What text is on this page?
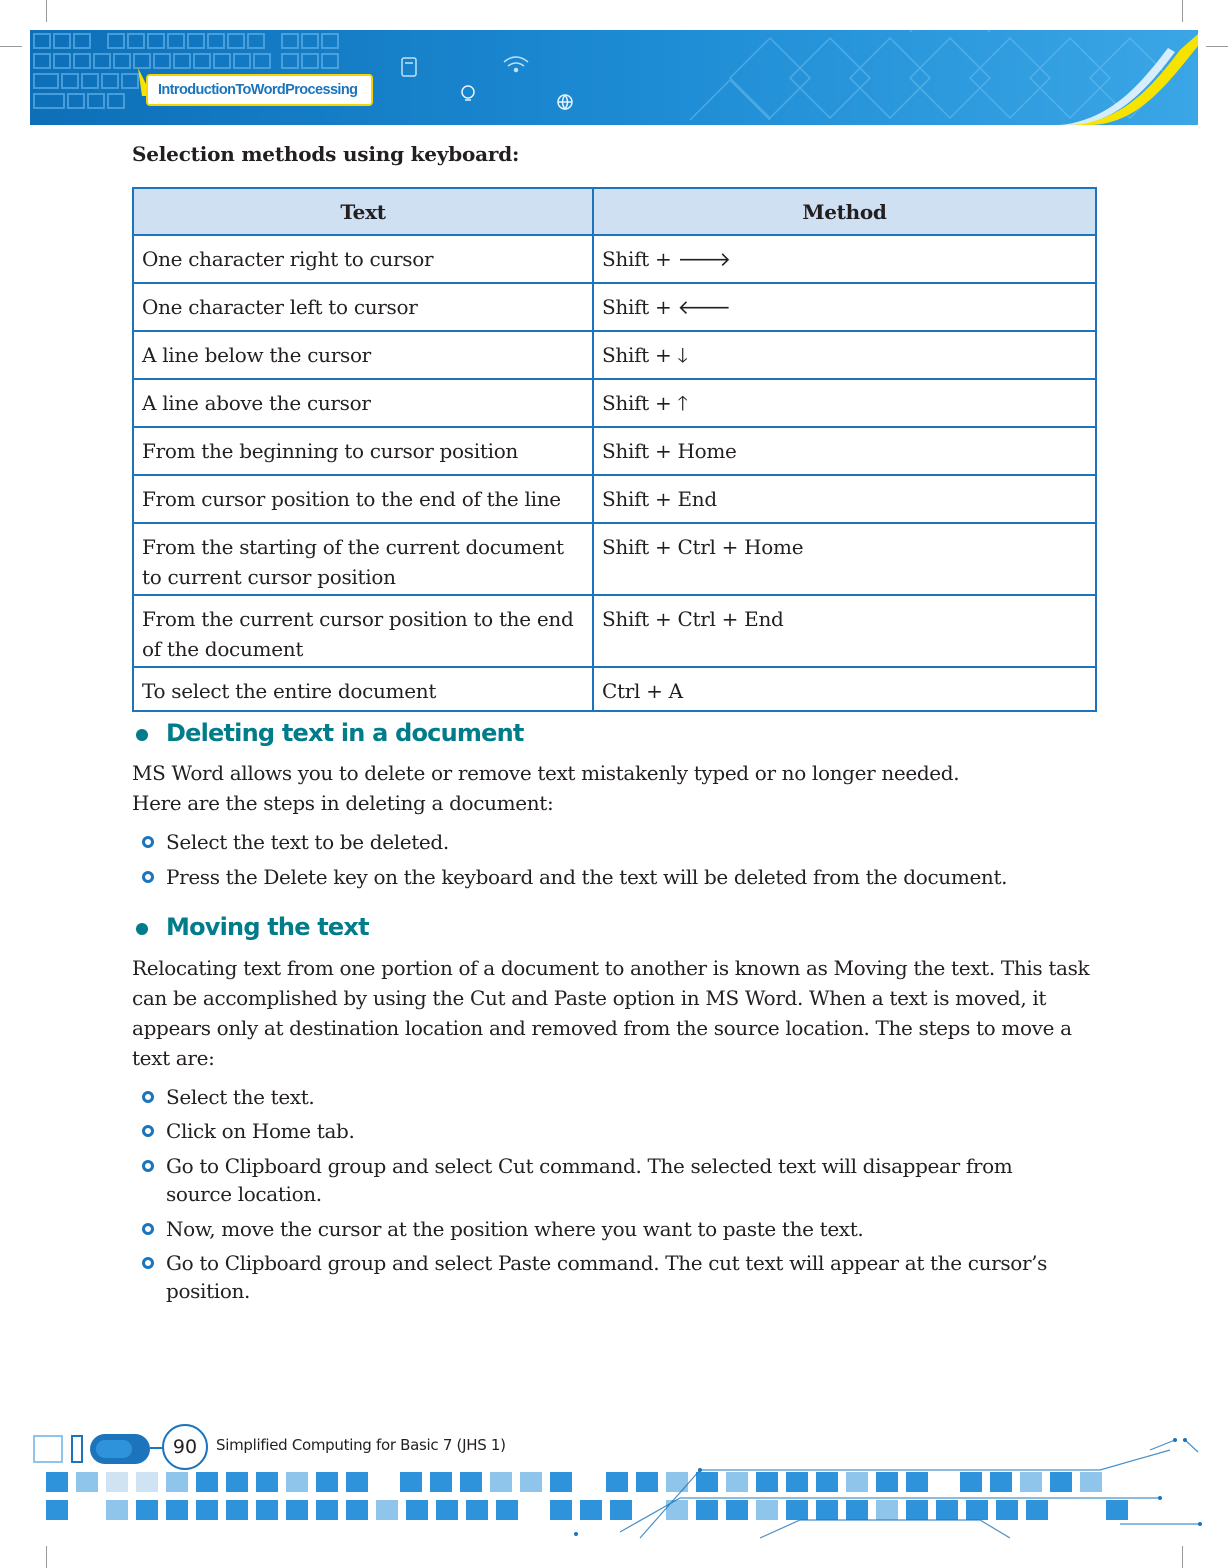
IntroductionToWordProcessing
Selection methods using keyboard:
Text	Method
One character right to cursor	Shift + 🡒
One character left to cursor	Shift + 🡐
A line below the cursor	Shift + 🡓
A line above the cursor	Shift + 🡑
From the beginning to cursor position	Shift + Home
From cursor position to the end of the line	Shift + End
From the starting of the current document to current cursor position	Shift + Ctrl + Home
From the current cursor position to the end of the document	Shift + Ctrl + End
To select the entire document	Ctrl + A
Deleting text in a document
MS Word allows you to delete or remove text mistakenly typed or no longer needed.
Here are the steps in deleting a document:
Select the text to be deleted.
Press the Delete key on the keyboard and the text will be deleted from the document.
Moving the text
Relocating text from one portion of a document to another is known as Moving the text. This task can be accomplished by using the Cut and Paste option in MS Word. When a text is moved, it appears only at destination location and removed from the source location. The steps to move a text are:
Select the text.
Click on Home tab.
Go to Clipboard group and select Cut command. The selected text will disappear from source location.
Now, move the cursor at the position where you want to paste the text.
Go to Clipboard group and select Paste command. The cut text will appear at the cursor’s position.
90	Simplified Computing for Basic 7 (JHS 1)
